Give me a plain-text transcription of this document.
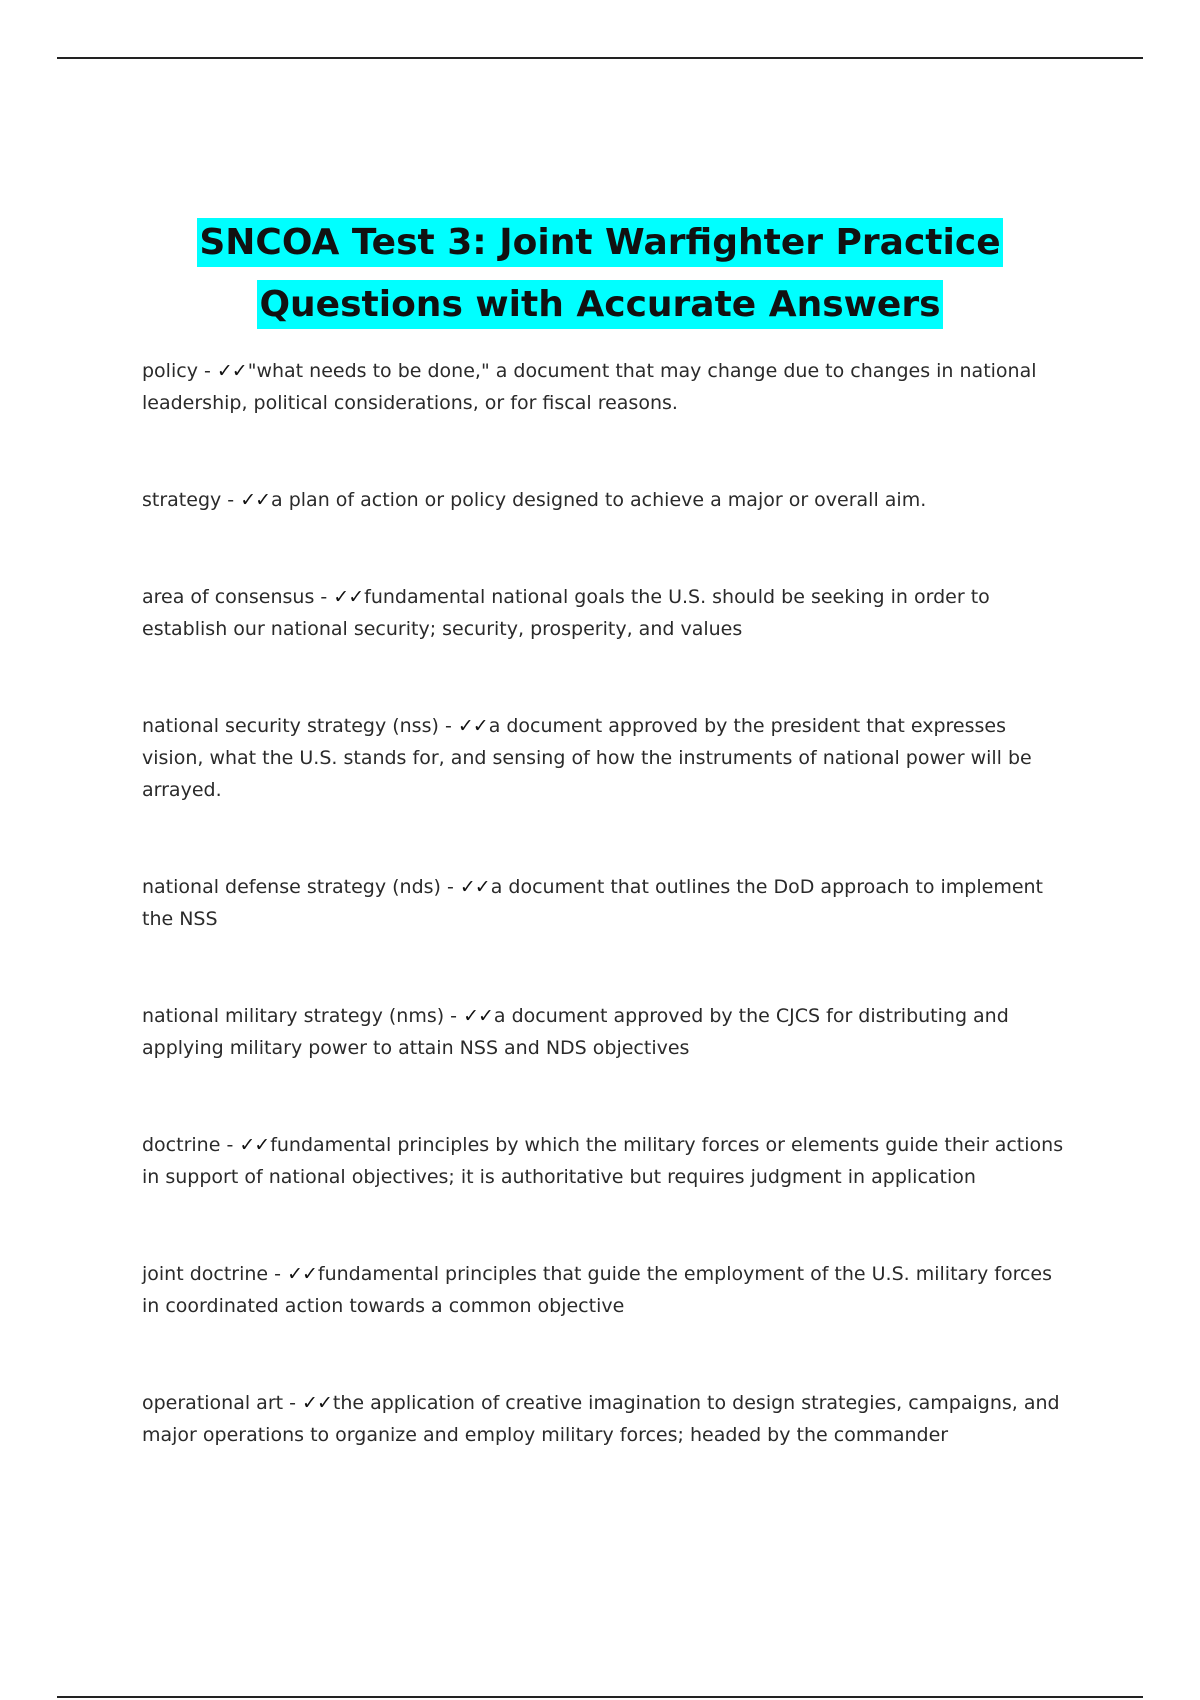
SNCOA Test 3: Joint Warfighter Practice
Questions with Accurate Answers

policy - ✓✓"what needs to be done," a document that may change due to changes in national leadership, political considerations, or for fiscal reasons.

strategy - ✓✓a plan of action or policy designed to achieve a major or overall aim.

area of consensus - ✓✓fundamental national goals the U.S. should be seeking in order to establish our national security; security, prosperity, and values

national security strategy (nss) - ✓✓a document approved by the president that expresses vision, what the U.S. stands for, and sensing of how the instruments of national power will be arrayed.

national defense strategy (nds) - ✓✓a document that outlines the DoD approach to implement the NSS

national military strategy (nms) - ✓✓a document approved by the CJCS for distributing and applying military power to attain NSS and NDS objectives

doctrine - ✓✓fundamental principles by which the military forces or elements guide their actions in support of national objectives; it is authoritative but requires judgment in application

joint doctrine - ✓✓fundamental principles that guide the employment of the U.S. military forces in coordinated action towards a common objective

operational art - ✓✓the application of creative imagination to design strategies, campaigns, and major operations to organize and employ military forces; headed by the commander
